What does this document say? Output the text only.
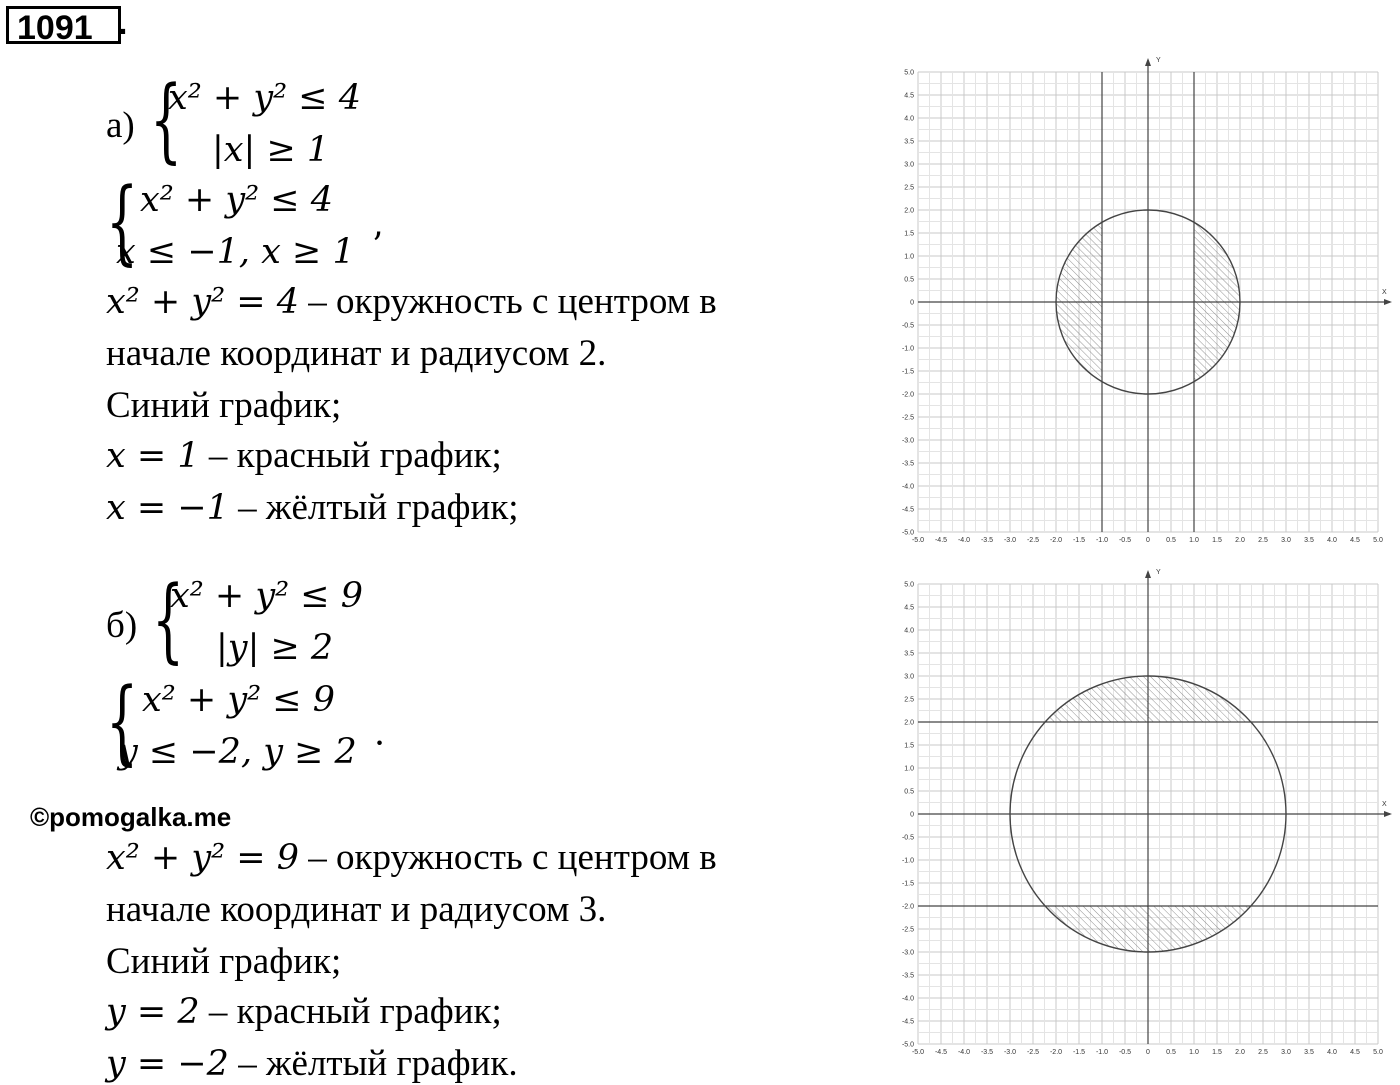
1091 .
а) {
x² + y² ≤ 4
|x| ≥ 1
{ x² + y² ≤ 4
x ≤ −1, x ≥ 1 ’
x² + y² = 4 – окружность с центром в
начале координат и радиусом 2.
Синий график;
x = 1 – красный график;
x = −1 – жёлтый график;
б) {
x² + y² ≤ 9
|y| ≥ 2
{ x² + y² ≤ 9
y ≤ −2, y ≥ 2 ·
©pomogalka.me
x² + y² = 9 – окружность с центром в
начале координат и радиусом 3.
Синий график;
y = 2 – красный график;
y = −2 – жёлтый график.
X
Y
-5.0
-5.0
-4.5
-4.5
-4.0
-4.0
-3.5
-3.5
-3.0
-3.0
-2.5
-2.5
-2.0
-2.0
-1.5
-1.5
-1.0
-1.0
-0.5
-0.5
0
0
0.5
0.5
1.0
1.0
1.5
1.5
2.0
2.0
2.5
2.5
3.0
3.0
3.5
3.5
4.0
4.0
4.5
4.5
5.0
5.0
X
Y
-5.0
-5.0
-4.5
-4.5
-4.0
-4.0
-3.5
-3.5
-3.0
-3.0
-2.5
-2.5
-2.0
-2.0
-1.5
-1.5
-1.0
-1.0
-0.5
-0.5
0
0
0.5
0.5
1.0
1.0
1.5
1.5
2.0
2.0
2.5
2.5
3.0
3.0
3.5
3.5
4.0
4.0
4.5
4.5
5.0
5.0
